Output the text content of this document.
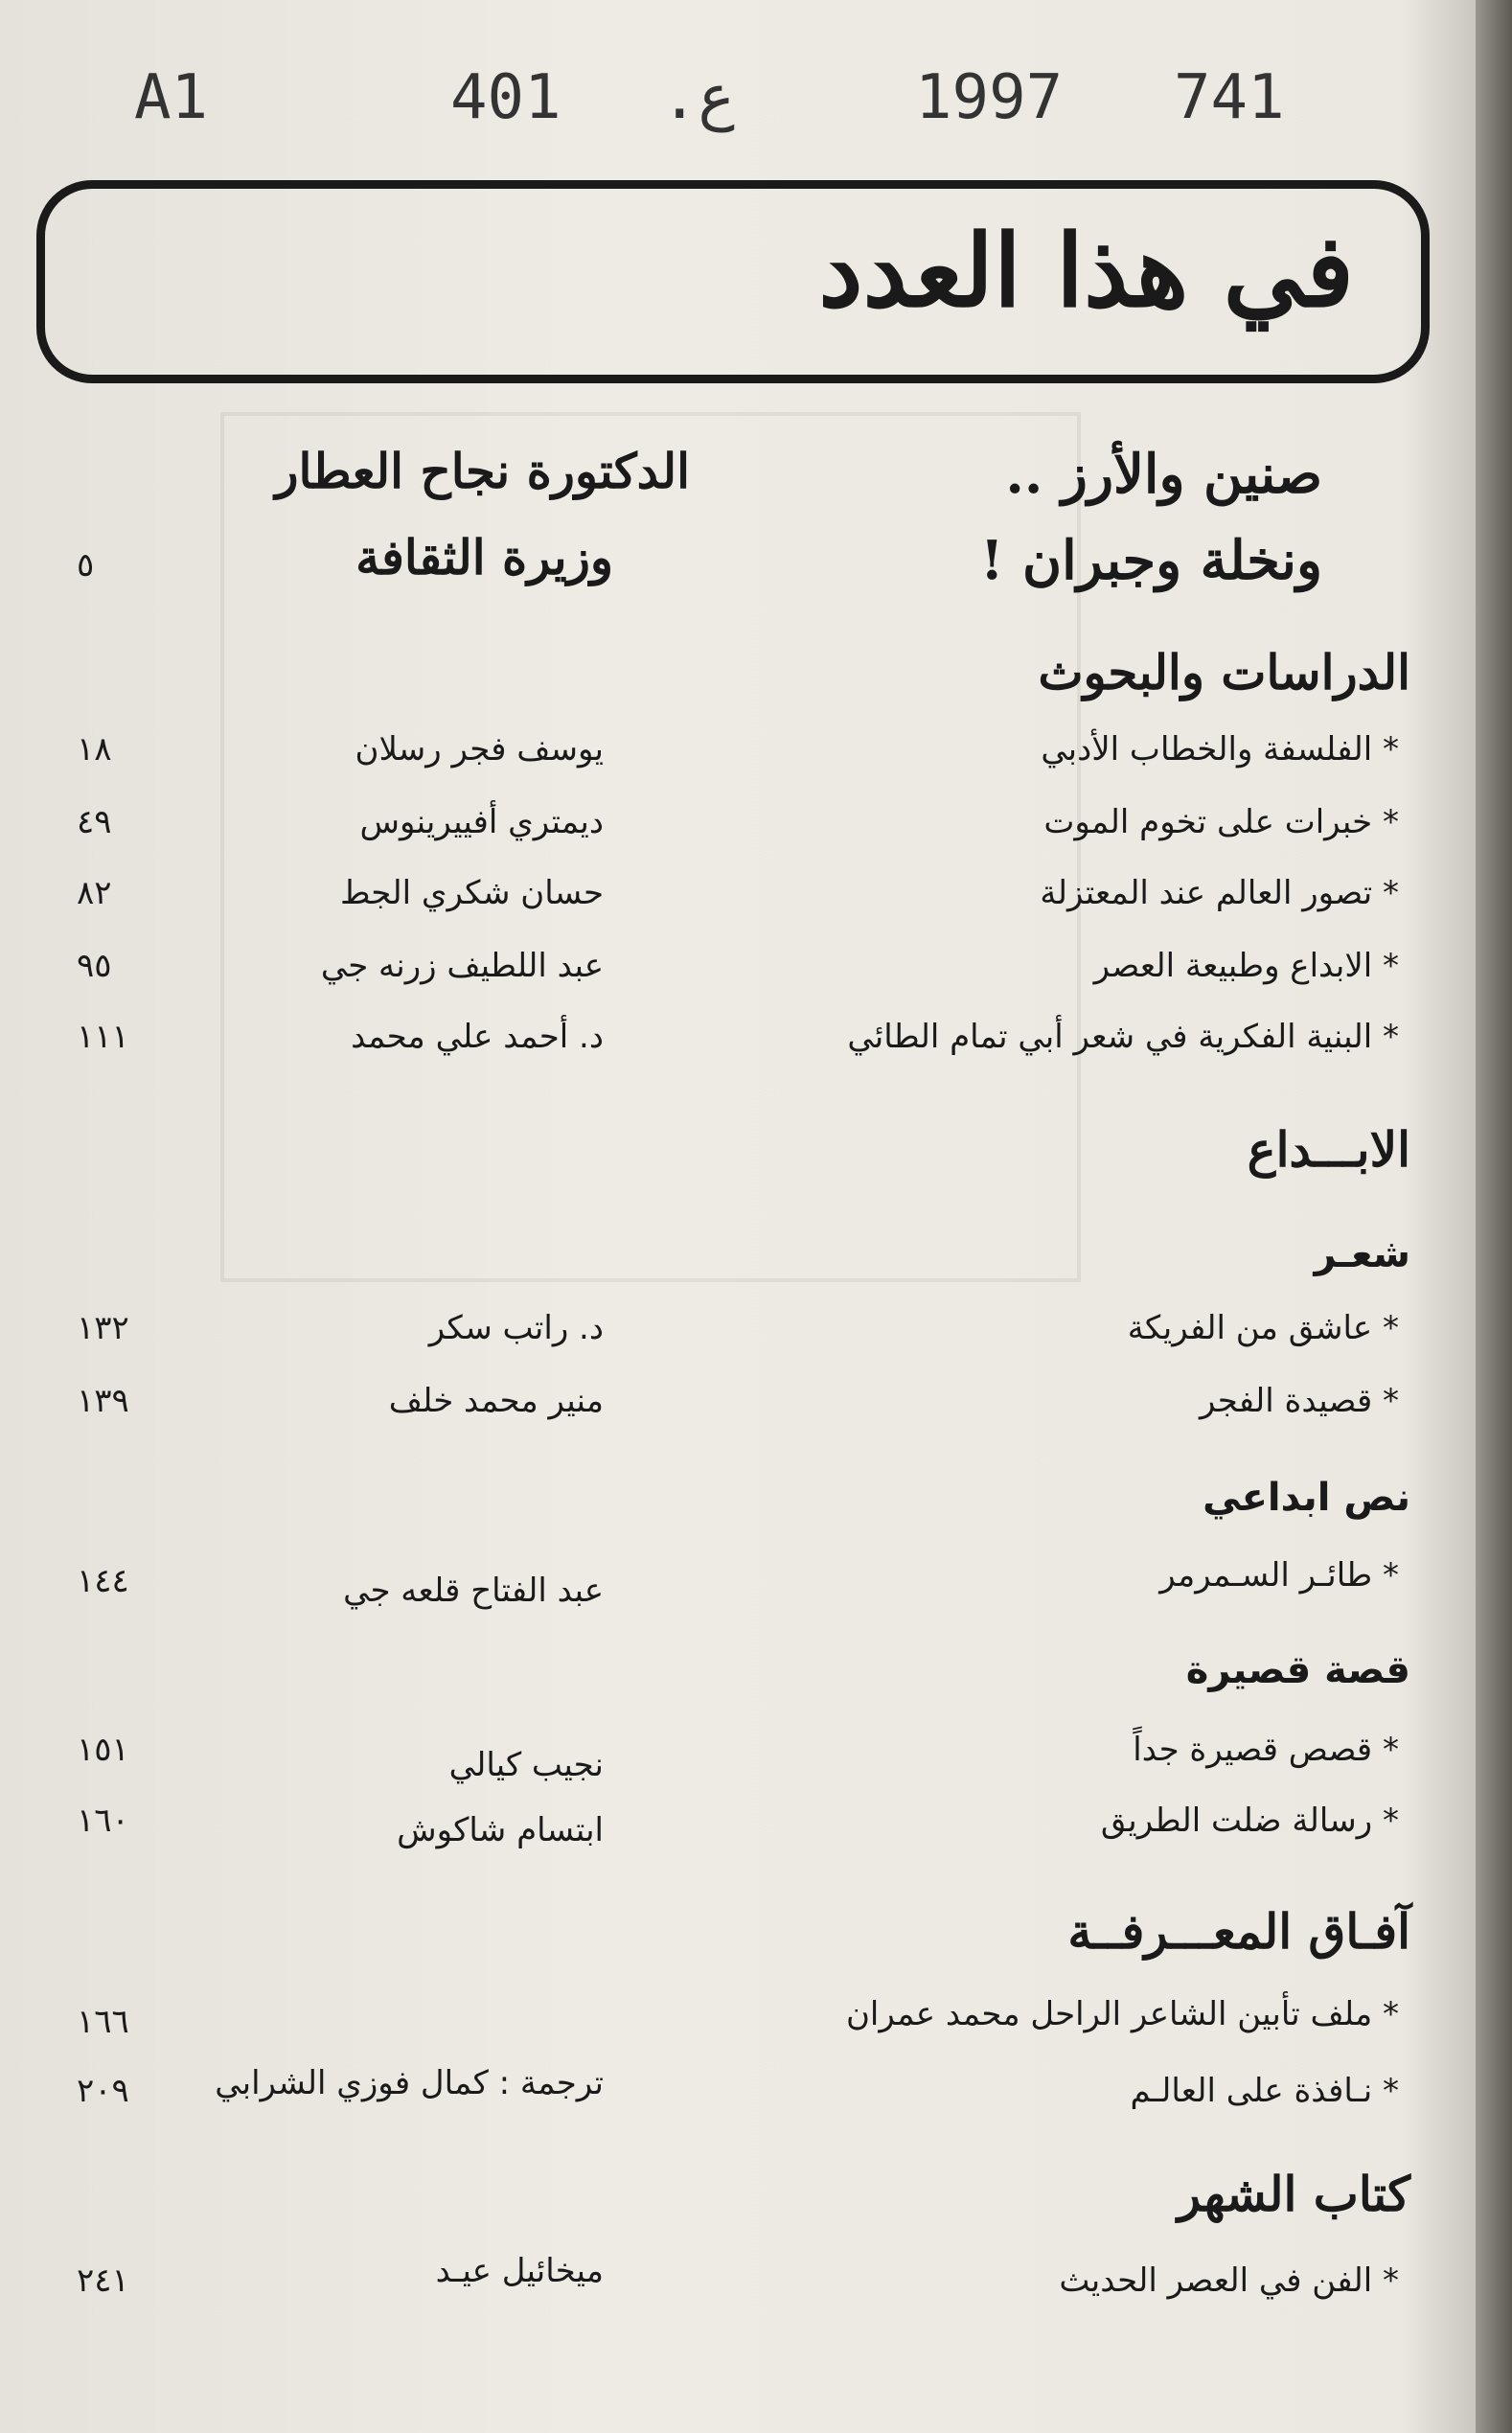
A1	401 .ع	1997 741
في هذا العدد
صنين والأرز ..
ونخلة وجبران !
الدكتورة نجاح العطار
وزيرة الثقافة
٥
الدراسات والبحوث
* الفلسفة والخطاب الأدبي
يوسف فجر رسلان
١٨
* خبرات على تخوم الموت
ديمتري أفييرينوس
٤٩
* تصور العالم عند المعتزلة
حسان شكري الجط
٨٢
* الابداع وطبيعة العصر
عبد اللطيف زرنه جي
٩٥
* البنية الفكرية في شعر أبي تمام الطائي
د. أحمد علي محمد
١١١
الابـــداع
شعـر
* عاشق من الفريكة
د. راتب سكر
١٣٢
* قصيدة الفجر
منير محمد خلف
١٣٩
نص ابداعي
* طائـر السـمرمر
عبد الفتاح قلعه جي
١٤٤
قصة قصيرة
* قصص قصيرة جداً
نجيب كيالي
١٥١
* رسالة ضلت الطريق
ابتسام شاكوش
١٦٠
آفـاق المعـــرفــة
* ملف تأبين الشاعر الراحل محمد عمران
١٦٦
* نـافذة على العالـم
ترجمة : كمال فوزي الشرابي
٢٠٩
كتاب الشهر
* الفن في العصر الحديث
ميخائيل عيـد
٢٤١
